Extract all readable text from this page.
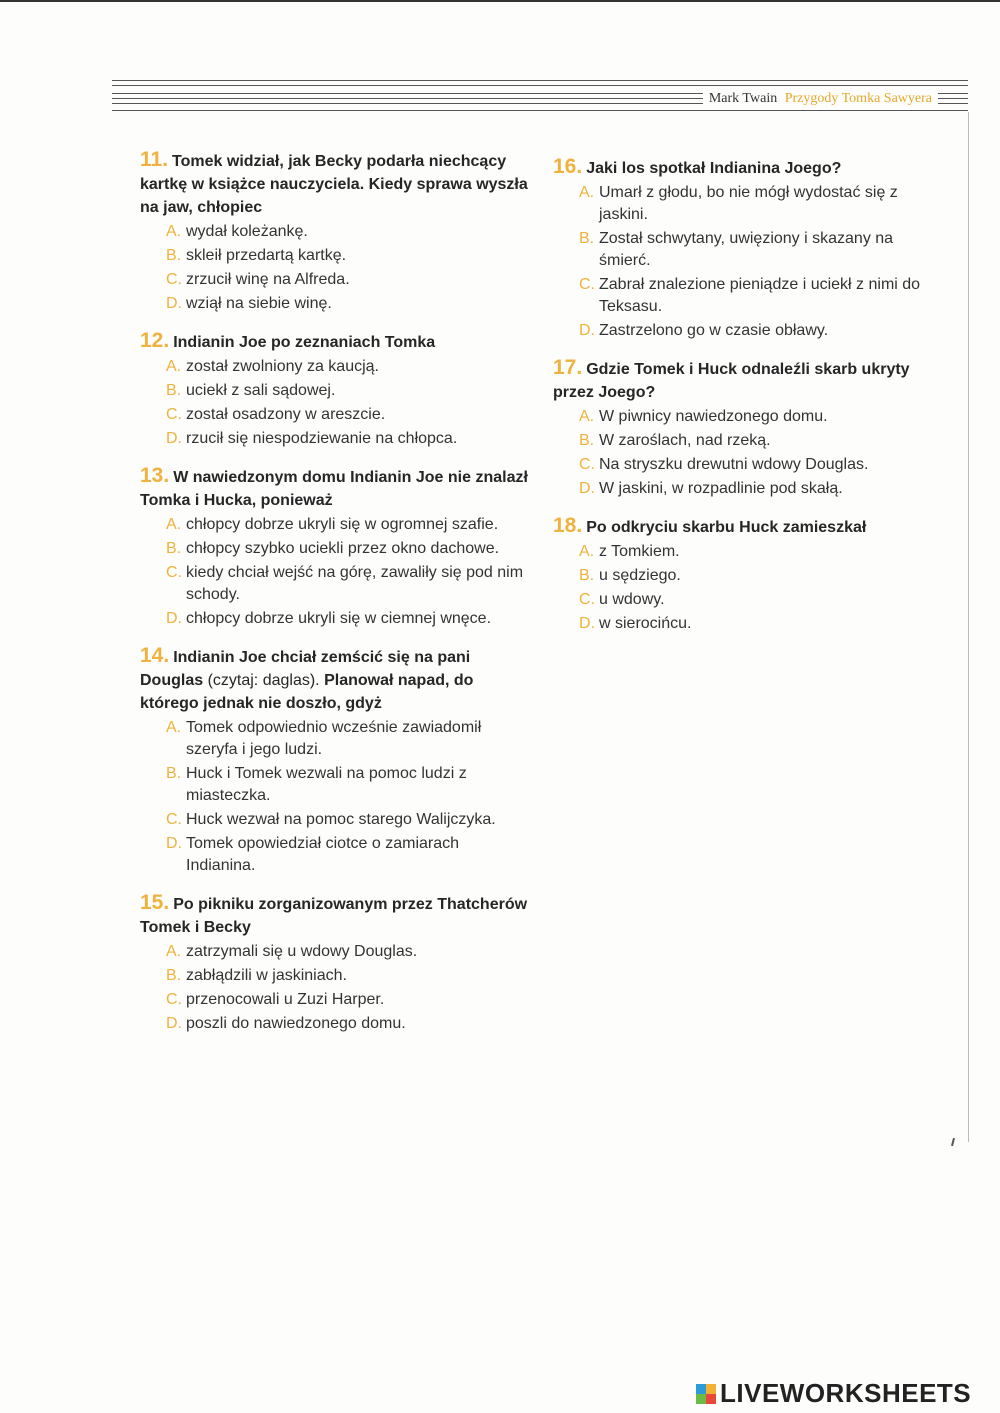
Mark Twain Przygody Tomka Sawyera
11. Tomek widział, jak Becky podarła niechcący kartkę w książce nauczyciela. Kiedy sprawa wyszła na jaw, chłopiec
A. wydał koleżankę.
B. skleił przedartą kartkę.
C. zrzucił winę na Alfreda.
D. wziął na siebie winę.
12. Indianin Joe po zeznaniach Tomka
A. został zwolniony za kaucją.
B. uciekł z sali sądowej.
C. został osadzony w areszcie.
D. rzucił się niespodziewanie na chłopca.
13. W nawiedzonym domu Indianin Joe nie znalazł Tomka i Hucka, ponieważ
A. chłopcy dobrze ukryli się w ogromnej szafie.
B. chłopcy szybko uciekli przez okno dachowe.
C. kiedy chciał wejść na górę, zawaliły się pod nim schody.
D. chłopcy dobrze ukryli się w ciemnej wnęce.
14. Indianin Joe chciał zemścić się na pani Douglas (czytaj: daglas). Planował napad, do którego jednak nie doszło, gdyż
A. Tomek odpowiednio wcześnie zawiadomił szeryfa i jego ludzi.
B. Huck i Tomek wezwali na pomoc ludzi z miasteczka.
C. Huck wezwał na pomoc starego Walijczyka.
D. Tomek opowiedział ciotce o zamiarach Indianina.
15. Po pikniku zorganizowanym przez Thatcherów Tomek i Becky
A. zatrzymali się u wdowy Douglas.
B. zabłądzili w jaskiniach.
C. przenocowali u Zuzi Harper.
D. poszli do nawiedzonego domu.
16. Jaki los spotkał Indianina Joego?
A. Umarł z głodu, bo nie mógł wydostać się z jaskini.
B. Został schwytany, uwięziony i skazany na śmierć.
C. Zabrał znalezione pieniądze i uciekł z nimi do Teksasu.
D. Zastrzelono go w czasie obławy.
17. Gdzie Tomek i Huck odnaleźli skarb ukryty przez Joego?
A. W piwnicy nawiedzonego domu.
B. W zaroślach, nad rzeką.
C. Na stryszku drewutni wdowy Douglas.
D. W jaskini, w rozpadlinie pod skałą.
18. Po odkryciu skarbu Huck zamieszkał
A. z Tomkiem.
B. u sędziego.
C. u wdowy.
D. w sierocińcu.
LIVEWORKSHEETS
